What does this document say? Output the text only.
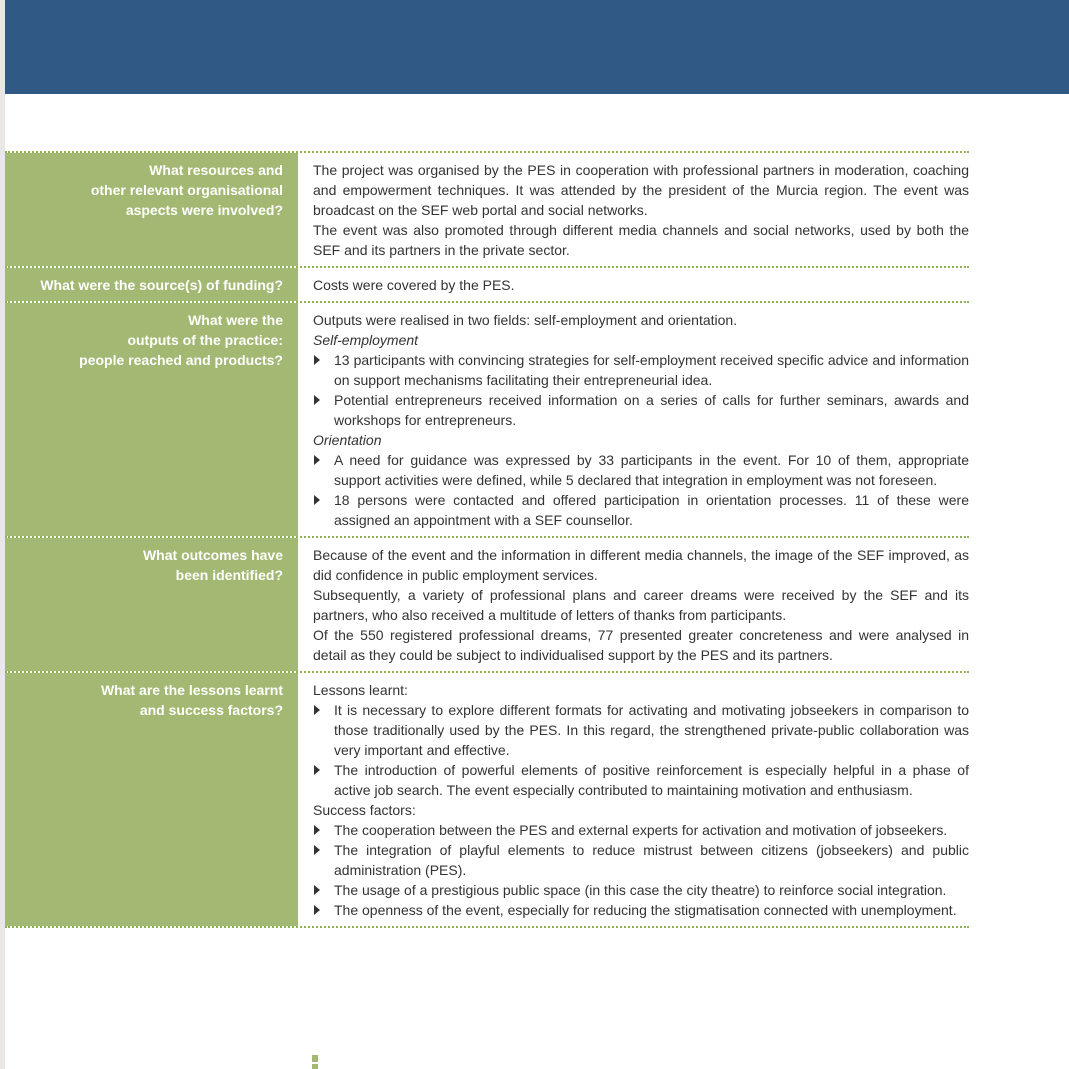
What resources and
other relevant organisational
aspects were involved?

The project was organised by the PES in cooperation with professional partners in moderation, coaching and empowerment techniques. It was attended by the president of the Murcia region. The event was broadcast on the SEF web portal and social networks.

The event was also promoted through different media channels and social networks, used by both the SEF and its partners in the private sector.

What were the source(s) of funding? Costs were covered by the PES.

What were the
outputs of the practice:
people reached and products?

Outputs were realised in two fields: self-employment and orientation.

Self-employment

13 participants with convincing strategies for self-employment received specific advice and information on support mechanisms facilitating their entrepreneurial idea.

Potential entrepreneurs received information on a series of calls for further seminars, awards and workshops for entrepreneurs.

Orientation

A need for guidance was expressed by 33 participants in the event. For 10 of them, appropriate support activities were defined, while 5 declared that integration in employment was not foreseen.

18 persons were contacted and offered participation in orientation processes. 11 of these were assigned an appointment with a SEF counsellor.

What outcomes have
been identified?

Because of the event and the information in different media channels, the image of the SEF improved, as did confidence in public employment services.

Subsequently, a variety of professional plans and career dreams were received by the SEF and its partners, who also received a multitude of letters of thanks from participants.

Of the 550 registered professional dreams, 77 presented greater concreteness and were analysed in detail as they could be subject to individualised support by the PES and its partners.

What are the lessons learnt
and success factors?

Lessons learnt:

It is necessary to explore different formats for activating and motivating jobseekers in comparison to those traditionally used by the PES. In this regard, the strengthened private-public collaboration was very important and effective.

The introduction of powerful elements of positive reinforcement is especially helpful in a phase of active job search. The event especially contributed to maintaining motivation and enthusiasm.

Success factors:

The cooperation between the PES and external experts for activation and motivation of jobseekers.

The integration of playful elements to reduce mistrust between citizens (jobseekers) and public administration (PES).

The usage of a prestigious public space (in this case the city theatre) to reinforce social integration.

The openness of the event, especially for reducing the stigmatisation connected with unemployment.
